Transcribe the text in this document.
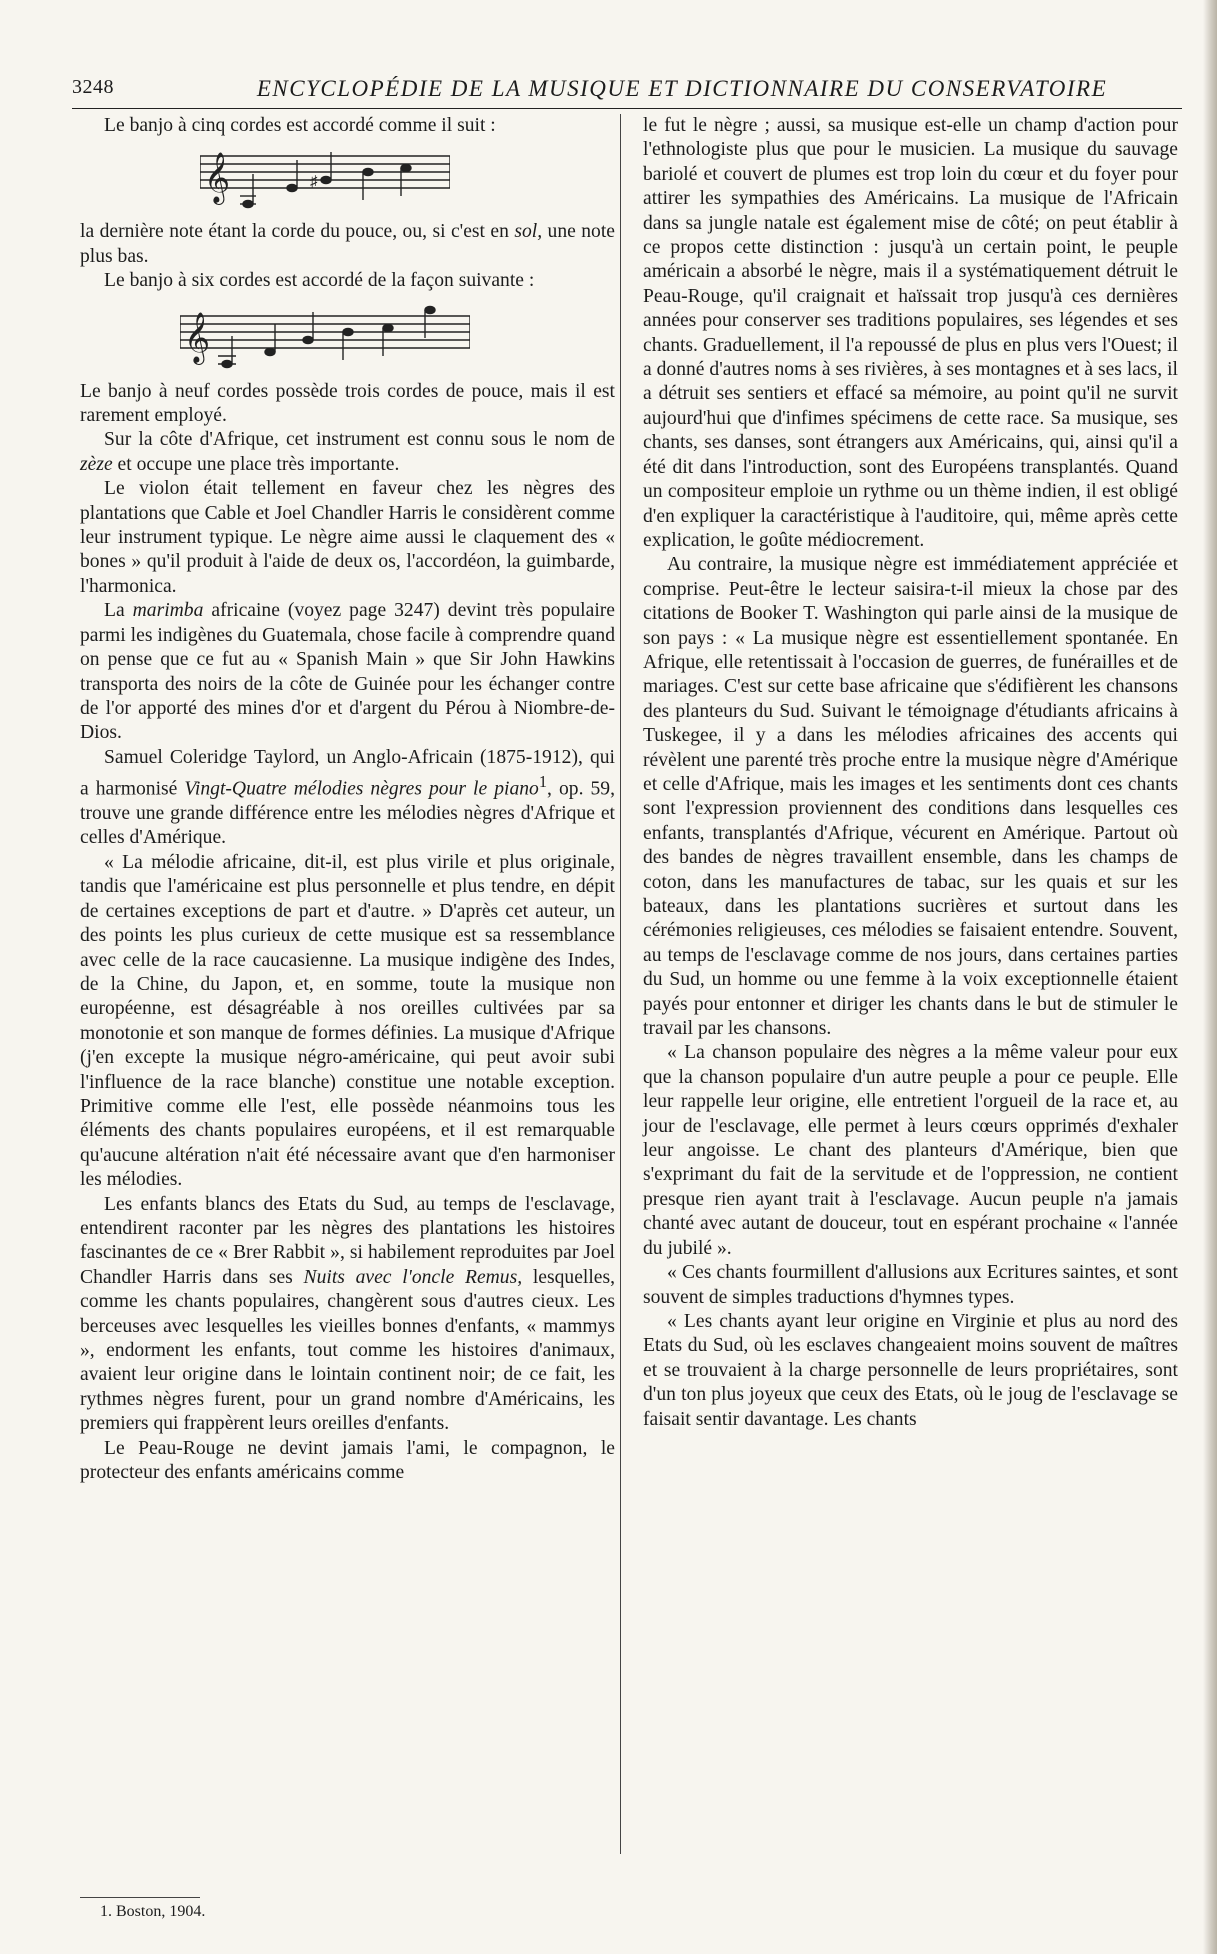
3248	ENCYCLOPÉDIE DE LA MUSIQUE ET DICTIONNAIRE DU CONSERVATOIRE

Le banjo à cinq cordes est accordé comme il suit :

𝄞	♯

la dernière note étant la corde du pouce, ou, si c'est en sol, une note plus bas.

Le banjo à six cordes est accordé de la façon suivante :

𝄞

Le banjo à neuf cordes possède trois cordes de pouce, mais il est rarement employé.

Sur la côte d'Afrique, cet instrument est connu sous le nom de zèze et occupe une place très importante.

Le violon était tellement en faveur chez les nègres des plantations que Cable et Joel Chandler Harris le considèrent comme leur instrument typique. Le nègre aime aussi le claquement des « bones » qu'il produit à l'aide de deux os, l'accordéon, la guimbarde, l'harmonica.

La marimba africaine (voyez page 3247) devint très populaire parmi les indigènes du Guatemala, chose facile à comprendre quand on pense que ce fut au « Spanish Main » que Sir John Hawkins transporta des noirs de la côte de Guinée pour les échanger contre de l'or apporté des mines d'or et d'argent du Pérou à Niombre-de-Dios.

Samuel Coleridge Taylord, un Anglo-Africain (1875-1912), qui a harmonisé Vingt-Quatre mélodies nègres pour le piano$^1$, op. 59, trouve une grande différence entre les mélodies nègres d'Afrique et celles d'Amérique.

« La mélodie africaine, dit-il, est plus virile et plus originale, tandis que l'américaine est plus personnelle et plus tendre, en dépit de certaines exceptions de part et d'autre. » D'après cet auteur, un des points les plus curieux de cette musique est sa ressemblance avec celle de la race caucasienne. La musique indigène des Indes, de la Chine, du Japon, et, en somme, toute la musique non européenne, est désagréable à nos oreilles cultivées par sa monotonie et son manque de formes définies. La musique d'Afrique (j'en excepte la musique négro-américaine, qui peut avoir subi l'influence de la race blanche) constitue une notable exception. Primitive comme elle l'est, elle possède néanmoins tous les éléments des chants populaires européens, et il est remarquable qu'aucune altération n'ait été nécessaire avant que d'en harmoniser les mélodies.

Les enfants blancs des Etats du Sud, au temps de l'esclavage, entendirent raconter par les nègres des plantations les histoires fascinantes de ce « Brer Rabbit », si habilement reproduites par Joel Chandler Harris dans ses Nuits avec l'oncle Remus, lesquelles, comme les chants populaires, changèrent sous d'autres cieux. Les berceuses avec lesquelles les vieilles bonnes d'enfants, « mammys », endorment les enfants, tout comme les histoires d'animaux, avaient leur origine dans le lointain continent noir; de ce fait, les rythmes nègres furent, pour un grand nombre d'Américains, les premiers qui frappèrent leurs oreilles d'enfants.

Le Peau-Rouge ne devint jamais l'ami, le compagnon, le protecteur des enfants américains comme

1. Boston, 1904.

le fut le nègre ; aussi, sa musique est-elle un champ d'action pour l'ethnologiste plus que pour le musicien. La musique du sauvage bariolé et couvert de plumes est trop loin du cœur et du foyer pour attirer les sympathies des Américains. La musique de l'Africain dans sa jungle natale est également mise de côté; on peut établir à ce propos cette distinction : jusqu'à un certain point, le peuple américain a absorbé le nègre, mais il a systématiquement détruit le Peau-Rouge, qu'il craignait et haïssait trop jusqu'à ces dernières années pour conserver ses traditions populaires, ses légendes et ses chants. Graduellement, il l'a repoussé de plus en plus vers l'Ouest; il a donné d'autres noms à ses rivières, à ses montagnes et à ses lacs, il a détruit ses sentiers et effacé sa mémoire, au point qu'il ne survit aujourd'hui que d'infimes spécimens de cette race. Sa musique, ses chants, ses danses, sont étrangers aux Américains, qui, ainsi qu'il a été dit dans l'introduction, sont des Européens transplantés. Quand un compositeur emploie un rythme ou un thème indien, il est obligé d'en expliquer la caractéristique à l'auditoire, qui, même après cette explication, le goûte médiocrement.

Au contraire, la musique nègre est immédiatement appréciée et comprise. Peut-être le lecteur saisira-t-il mieux la chose par des citations de Booker T. Washington qui parle ainsi de la musique de son pays : « La musique nègre est essentiellement spontanée. En Afrique, elle retentissait à l'occasion de guerres, de funérailles et de mariages. C'est sur cette base africaine que s'édifièrent les chansons des planteurs du Sud. Suivant le témoignage d'étudiants africains à Tuskegee, il y a dans les mélodies africaines des accents qui révèlent une parenté très proche entre la musique nègre d'Amérique et celle d'Afrique, mais les images et les sentiments dont ces chants sont l'expression proviennent des conditions dans lesquelles ces enfants, transplantés d'Afrique, vécurent en Amérique. Partout où des bandes de nègres travaillent ensemble, dans les champs de coton, dans les manufactures de tabac, sur les quais et sur les bateaux, dans les plantations sucrières et surtout dans les cérémonies religieuses, ces mélodies se faisaient entendre. Souvent, au temps de l'esclavage comme de nos jours, dans certaines parties du Sud, un homme ou une femme à la voix exceptionnelle étaient payés pour entonner et diriger les chants dans le but de stimuler le travail par les chansons.

« La chanson populaire des nègres a la même valeur pour eux que la chanson populaire d'un autre peuple a pour ce peuple. Elle leur rappelle leur origine, elle entretient l'orgueil de la race et, au jour de l'esclavage, elle permet à leurs cœurs opprimés d'exhaler leur angoisse. Le chant des planteurs d'Amérique, bien que s'exprimant du fait de la servitude et de l'oppression, ne contient presque rien ayant trait à l'esclavage. Aucun peuple n'a jamais chanté avec autant de douceur, tout en espérant prochaine « l'année du jubilé ».

« Ces chants fourmillent d'allusions aux Ecritures saintes, et sont souvent de simples traductions d'hymnes types.

« Les chants ayant leur origine en Virginie et plus au nord des Etats du Sud, où les esclaves changeaient moins souvent de maîtres et se trouvaient à la charge personnelle de leurs propriétaires, sont d'un ton plus joyeux que ceux des Etats, où le joug de l'esclavage se faisait sentir davantage. Les chants
